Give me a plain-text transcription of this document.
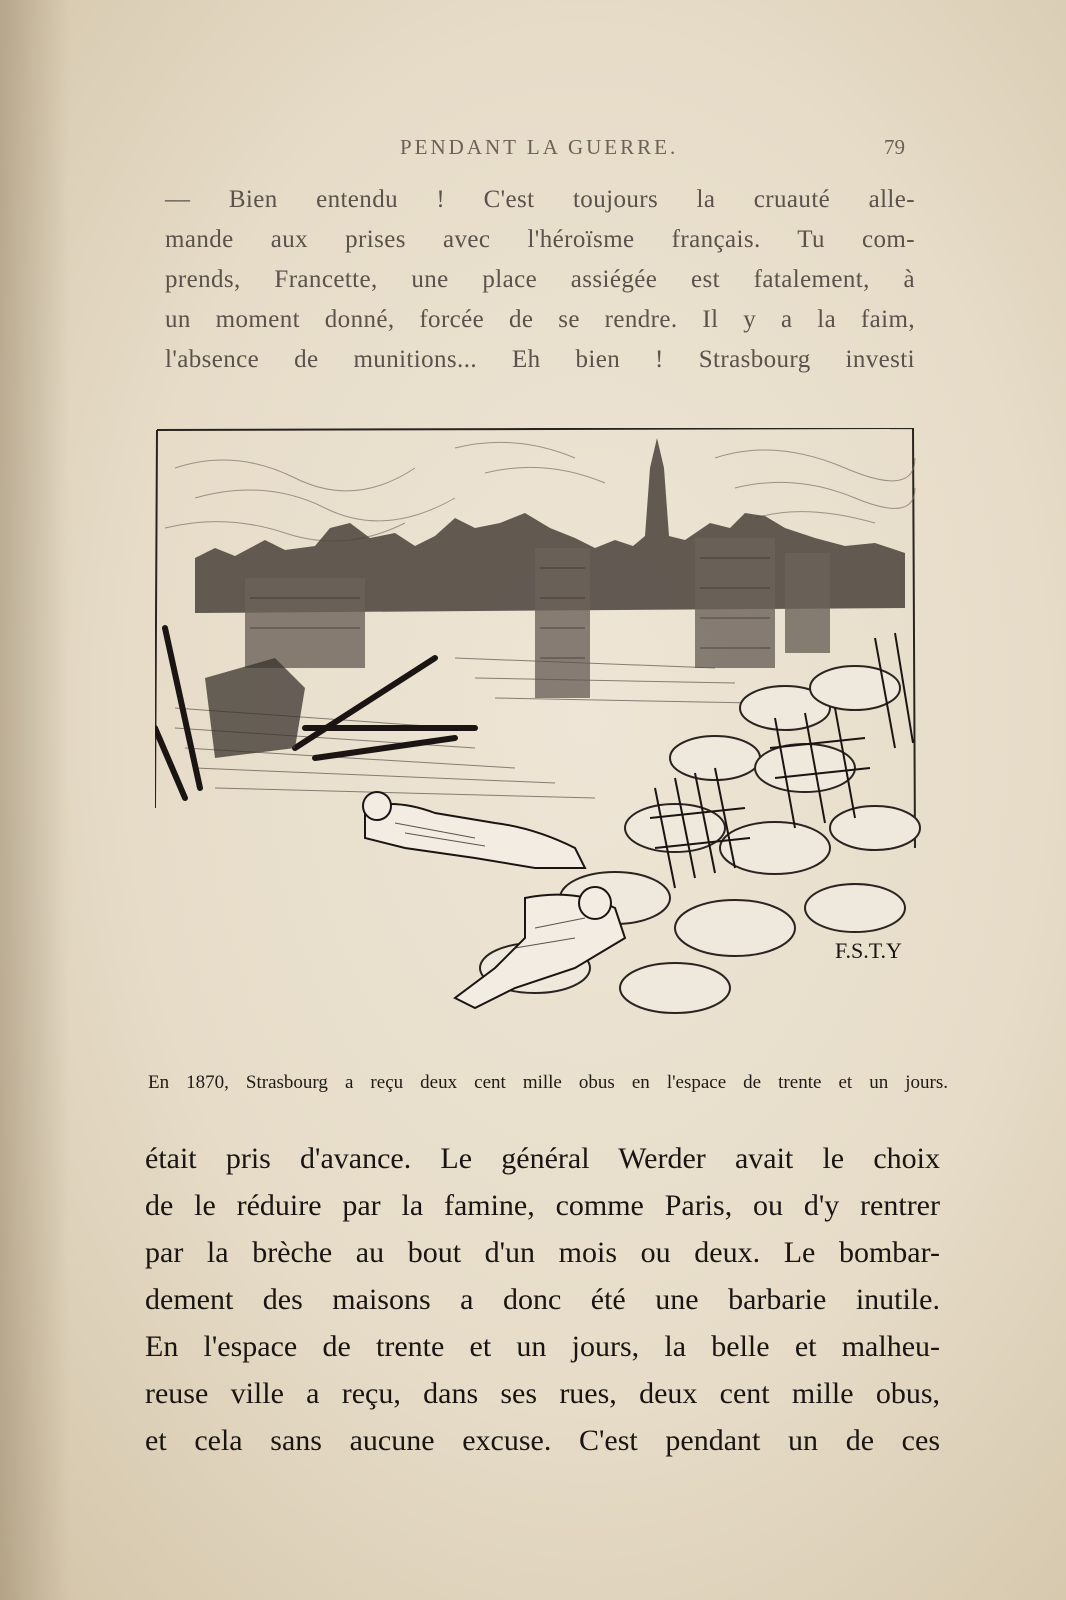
PENDANT LA GUERRE.	79
— Bien entendu ! C'est toujours la cruauté alle-
mande aux prises avec l'héroïsme français. Tu com-
prends, Francette, une place assiégée est fatalement, à
un moment donné, forcée de se rendre. Il y a la faim,
l'absence de munitions... Eh bien ! Strasbourg investi
F.S.T.Y
En 1870, Strasbourg a reçu deux cent mille obus en l'espace de trente et un jours.
était pris d'avance. Le général Werder avait le choix
de le réduire par la famine, comme Paris, ou d'y rentrer
par la brèche au bout d'un mois ou deux. Le bombar-
dement des maisons a donc été une barbarie inutile.
En l'espace de trente et un jours, la belle et malheu-
reuse ville a reçu, dans ses rues, deux cent mille obus,
et cela sans aucune excuse. C'est pendant un de ces
